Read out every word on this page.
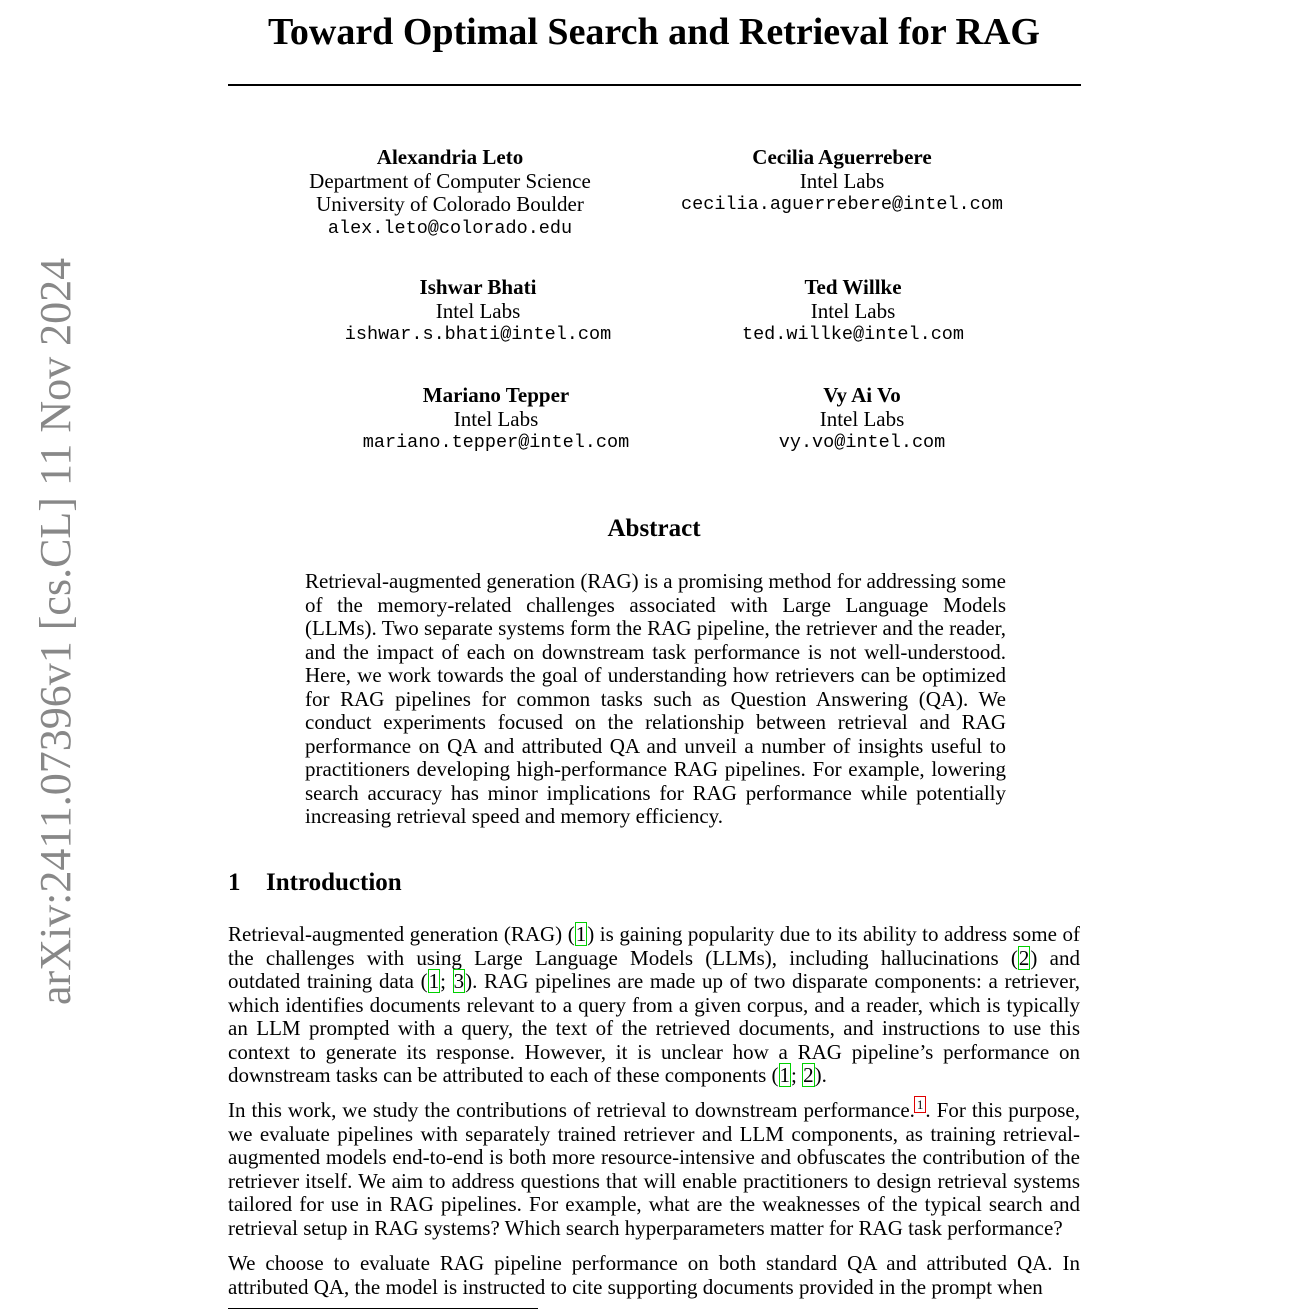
arXiv:2411.07396v1 [cs.CL] 11 Nov 2024
Toward Optimal Search and Retrieval for RAG
Alexandria Leto
Department of Computer Science
University of Colorado Boulder
alex.leto@colorado.edu
Cecilia Aguerrebere
Intel Labs
cecilia.aguerrebere@intel.com
Ishwar Bhati
Intel Labs
ishwar.s.bhati@intel.com
Ted Willke
Intel Labs
ted.willke@intel.com
Mariano Tepper
Intel Labs
mariano.tepper@intel.com
Vy Ai Vo
Intel Labs
vy.vo@intel.com
Abstract
Retrieval-augmented generation (RAG) is a promising method for addressing some of the memory-related challenges associated with Large Language Models (LLMs). Two separate systems form the RAG pipeline, the retriever and the reader, and the impact of each on downstream task performance is not well-understood. Here, we work towards the goal of understanding how retrievers can be optimized for RAG pipelines for common tasks such as Question Answering (QA). We conduct experiments focused on the relationship between retrieval and RAG performance on QA and attributed QA and unveil a number of insights useful to practitioners developing high-performance RAG pipelines. For example, lowering search accuracy has minor implications for RAG performance while potentially increasing retrieval speed and memory efficiency.
1 Introduction

Retrieval-augmented generation (RAG) (1) is gaining popularity due to its ability to address some of the challenges with using Large Language Models (LLMs), including hallucinations (2) and outdated training data (1; 3). RAG pipelines are made up of two disparate components: a retriever, which identifies documents relevant to a query from a given corpus, and a reader, which is typically an LLM prompted with a query, the text of the retrieved documents, and instructions to use this context to generate its response. However, it is unclear how a RAG pipeline’s performance on downstream tasks can be attributed to each of these components (1; 2).

In this work, we study the contributions of retrieval to downstream performance. $^1$. For this purpose, we evaluate pipelines with separately trained retriever and LLM components, as training retrieval-augmented models end-to-end is both more resource-intensive and obfuscates the contribution of the retriever itself. We aim to address questions that will enable practitioners to design retrieval systems tailored for use in RAG pipelines. For example, what are the weaknesses of the typical search and retrieval setup in RAG systems? Which search hyperparameters matter for RAG task performance?

We choose to evaluate RAG pipeline performance on both standard QA and attributed QA. In attributed QA, the model is instructed to cite supporting documents provided in the prompt when
